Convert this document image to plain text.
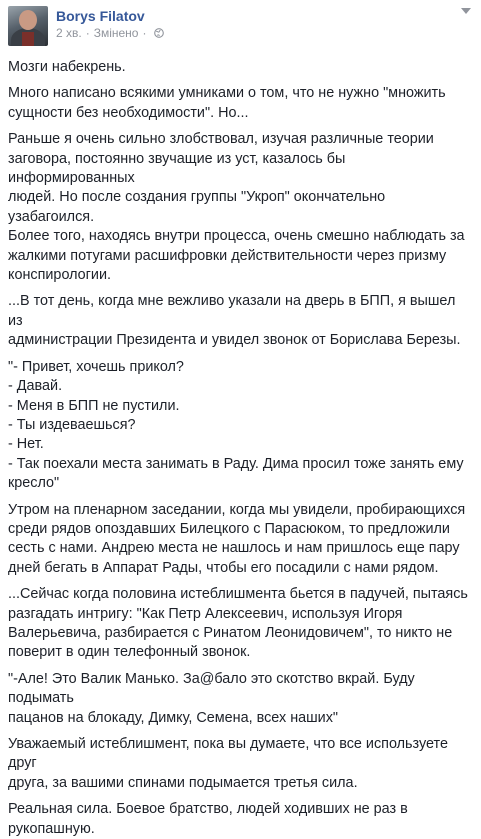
Borys Filatov
2 хв. · Змінено ·

Мозги набекрень.

Много написано всякими умниками о том, что не нужно "множить
сущности без необходимости". Но...

Раньше я очень сильно злобствовал, изучая различные теории
заговора, постоянно звучащие из уст, казалось бы информированных
людей. Но после создания группы "Укроп" окончательно узабагоился.
Более того, находясь внутри процесса, очень смешно наблюдать за
жалкими потугами расшифровки действительности через призму
конспирологии.

...В тот день, когда мне вежливо указали на дверь в БПП, я вышел из
администрации Президента и увидел звонок от Бориславa Березы.

"- Привет, хочешь прикол?
- Давай.
- Меня в БПП не пустили.
- Ты издеваешься?
- Нет.
- Так поехали места занимать в Раду. Дима просил тоже занять ему
кресло"

Утром на пленарном заседании, когда мы увидели, пробирающихся
среди рядов опоздавших Билецкого с Парасюком, то предложили
сесть с нами. Андрею места не нашлось и нам пришлось еще пару
дней бегать в Аппарат Рады, чтобы его посадили с нами рядом.

...Сейчас когда половина истеблишмента бьется в падучей, пытаясь
разгадать интригу: "Как Петр Алексеевич, используя Игоря
Валерьевича, разбирается с Ринатом Леонидовичем", то никто не
поверит в один телефонный звонок.

"-Але! Это Валик Манько. За@бало это скотство вкрай. Буду подымать
пацанов на блокаду, Димку, Семена, всех наших"

Уважаемый истеблишмент, пока вы думаете, что все используете друг
друга, за вашими спинами подымается третья сила.

Реальная сила. Боевое братство, людей ходивших не раз в
рукопашную.
